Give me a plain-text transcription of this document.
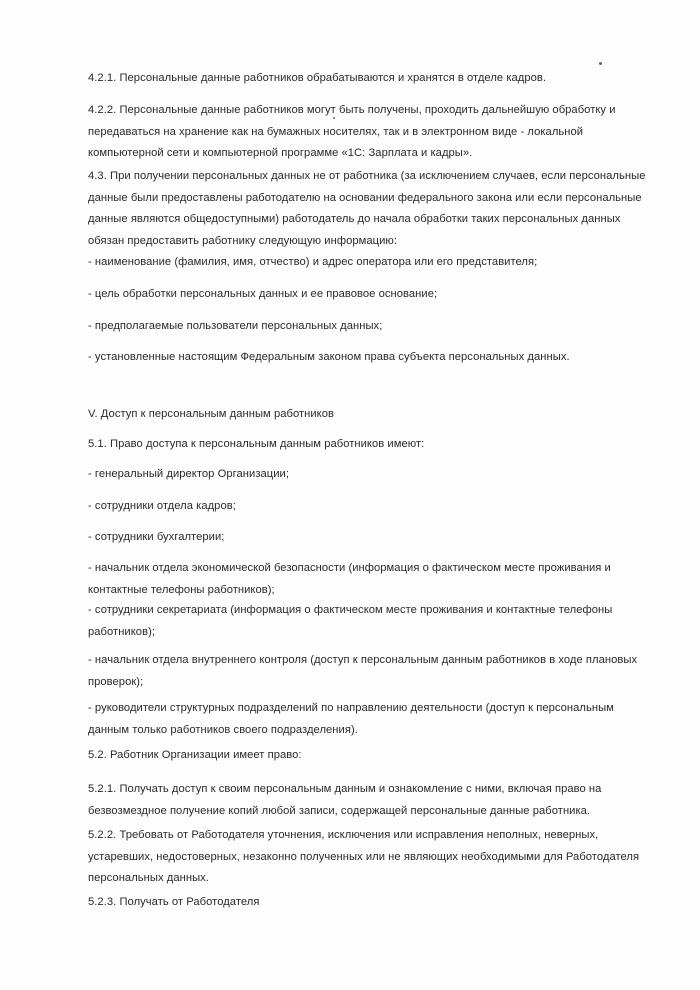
4.2.1. Персональные данные работников обрабатываются и хранятся в отделе кадров.

4.2.2. Персональные данные работников могут быть получены, проходить дальнейшую обработку и передаваться на хранение как на бумажных носителях, так и в электронном виде - локальной компьютерной сети и компьютерной программе «1С: Зарплата и кадры».

4.3. При получении персональных данных не от работника (за исключением случаев, если персональные данные были предоставлены работодателю на основании федерального закона или если персональные данные являются общедоступными) работодатель до начала обработки таких персональных данных обязан предоставить работнику следующую информацию:

- наименование (фамилия, имя, отчество) и адрес оператора или его представителя;

- цель обработки персональных данных и ее правовое основание;

- предполагаемые пользователи персональных данных;

- установленные настоящим Федеральным законом права субъекта персональных данных.

V. Доступ к персональным данным работников

5.1. Право доступа к персональным данным работников имеют:

- генеральный директор Организации;

- сотрудники отдела кадров;

- сотрудники бухгалтерии;

- начальник отдела экономической безопасности (информация о фактическом месте проживания и контактные телефоны работников);

- сотрудники секретариата (информация о фактическом месте проживания и контактные телефоны работников);

- начальник отдела внутреннего контроля (доступ к персональным данным работников в ходе плановых проверок);

- руководители структурных подразделений по направлению деятельности (доступ к персональным данным только работников своего подразделения).

5.2. Работник Организации имеет право:

5.2.1. Получать доступ к своим персональным данным и ознакомление с ними, включая право на безвозмездное получение копий любой записи, содержащей персональные данные работника.

5.2.2. Требовать от Работодателя уточнения, исключения или исправления неполных, неверных, устаревших, недостоверных, незаконно полученных или не являющих необходимыми для Работодателя персональных данных.

5.2.3. Получать от Работодателя
